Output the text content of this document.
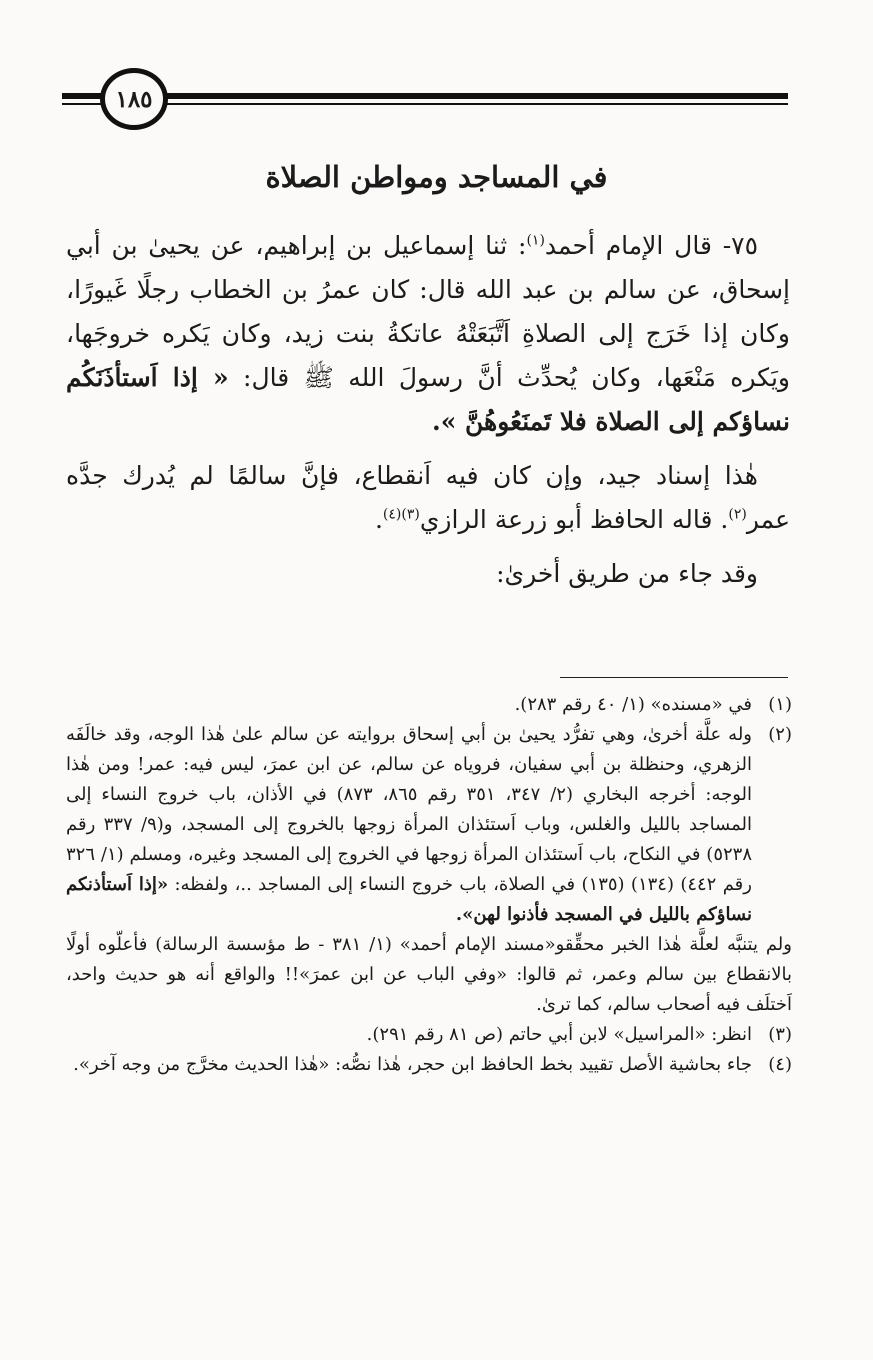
١٨٥
في المساجد ومواطن الصلاة

٧٥- قال الإمام أحمد$^{(١)}$: ثنا إسماعيل بن إبراهيم، عن يحيىٰ بن أبي إسحاق، عن سالم بن عبد الله قال: كان عمرُ بن الخطاب رجلًا غَيورًا، وكان إذا خَرَج إلى الصلاةِ اَتَّبَعَتْهُ عاتكةُ بنت زيد، وكان يَكره خروجَها، ويَكره مَنْعَها، وكان يُحدِّث أنَّ رسولَ الله ﷺ قال: « إذا اَستأذَنَكُم نساؤكم إلى الصلاة فلا تَمنَعُوهُنَّ ».

هٰذا إسناد جيد، وإن كان فيه اَنقطاع، فإنَّ سالمًا لم يُدرك جدَّه عمر$^{(٢)}$. قاله الحافظ أبو زرعة الرازي$^{(٣)(٤)}$.

وقد جاء من طريق أخرىٰ:

(١)
في «مسنده» (١/ ٤٠ رقم ٢٨٣).
(٢)
وله علَّة أخرىٰ، وهي تفرُّد يحيىٰ بن أبي إسحاق بروايته عن سالم علىٰ هٰذا الوجه، وقد خالَفَه الزهري، وحنظلة بن أبي سفيان، فروياه عن سالم، عن ابن عمرَ، ليس فيه: عمر! ومن هٰذا الوجه: أخرجه البخاري (٢/ ٣٤٧، ٣٥١ رقم ٨٦٥، ٨٧٣) في الأذان، باب خروج النساء إلى المساجد بالليل والغلس، وباب اَستئذان المرأة زوجها بالخروج إلى المسجد، و(٩/ ٣٣٧ رقم ٥٢٣٨) في النكاح، باب اَستئذان المرأة زوجها في الخروج إلى المسجد وغيره، ومسلم (١/ ٣٢٦ رقم ٤٤٢) (١٣٤) (١٣٥) في الصلاة، باب خروج النساء إلى المساجد ..، ولفظه: «إذا اَستأذنكم نساؤكم بالليل في المسجد فأذنوا لهن».
ولم يتنبَّه لعلَّة هٰذا الخبر محقِّقو«مسند الإمام أحمد» (١/ ٣٨١ - ط مؤسسة الرسالة) فأعلّوه أولًا بالانقطاع بين سالم وعمر، ثم قالوا: «وفي الباب عن ابن عمرَ»!! والواقع أنه هو حديث واحد، اَختلَف فيه أصحاب سالم، كما ترىٰ.
(٣)
انظر: «المراسيل» لابن أبي حاتم (ص ٨١ رقم ٢٩١).
(٤)
جاء بحاشية الأصل تقييد بخط الحافظ ابن حجر، هٰذا نصُّه: «هٰذا الحديث مخرَّج من وجه آخر».
